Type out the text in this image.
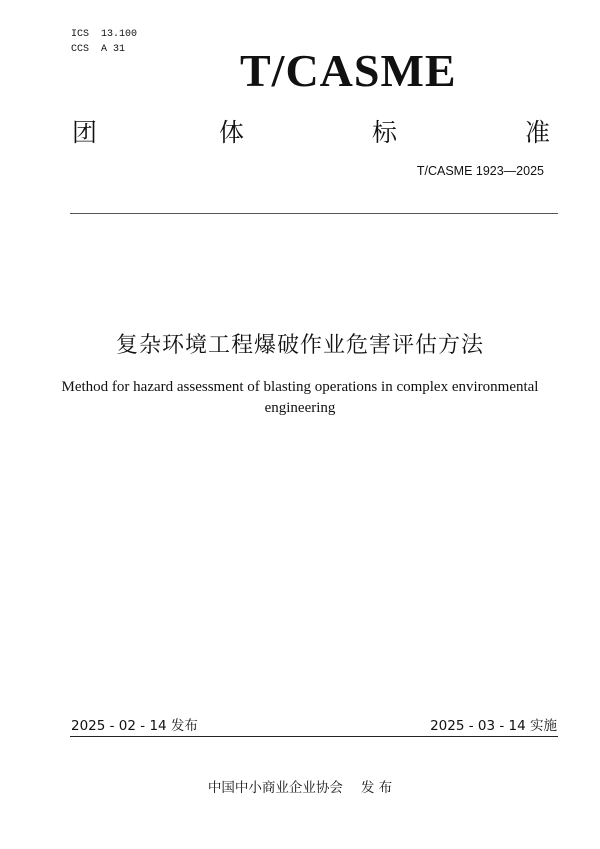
ICS  13.100
CCS  A 31 T/CASME
团	体	标	准
T/CASME 1923—2025
复杂环境工程爆破作业危害评估方法
Method for hazard assessment of blasting operations in complex environmental
engineering
2025 - 02 - 14 发布	2025 - 03 - 14 实施
中国中小商业企业协会 发 布
